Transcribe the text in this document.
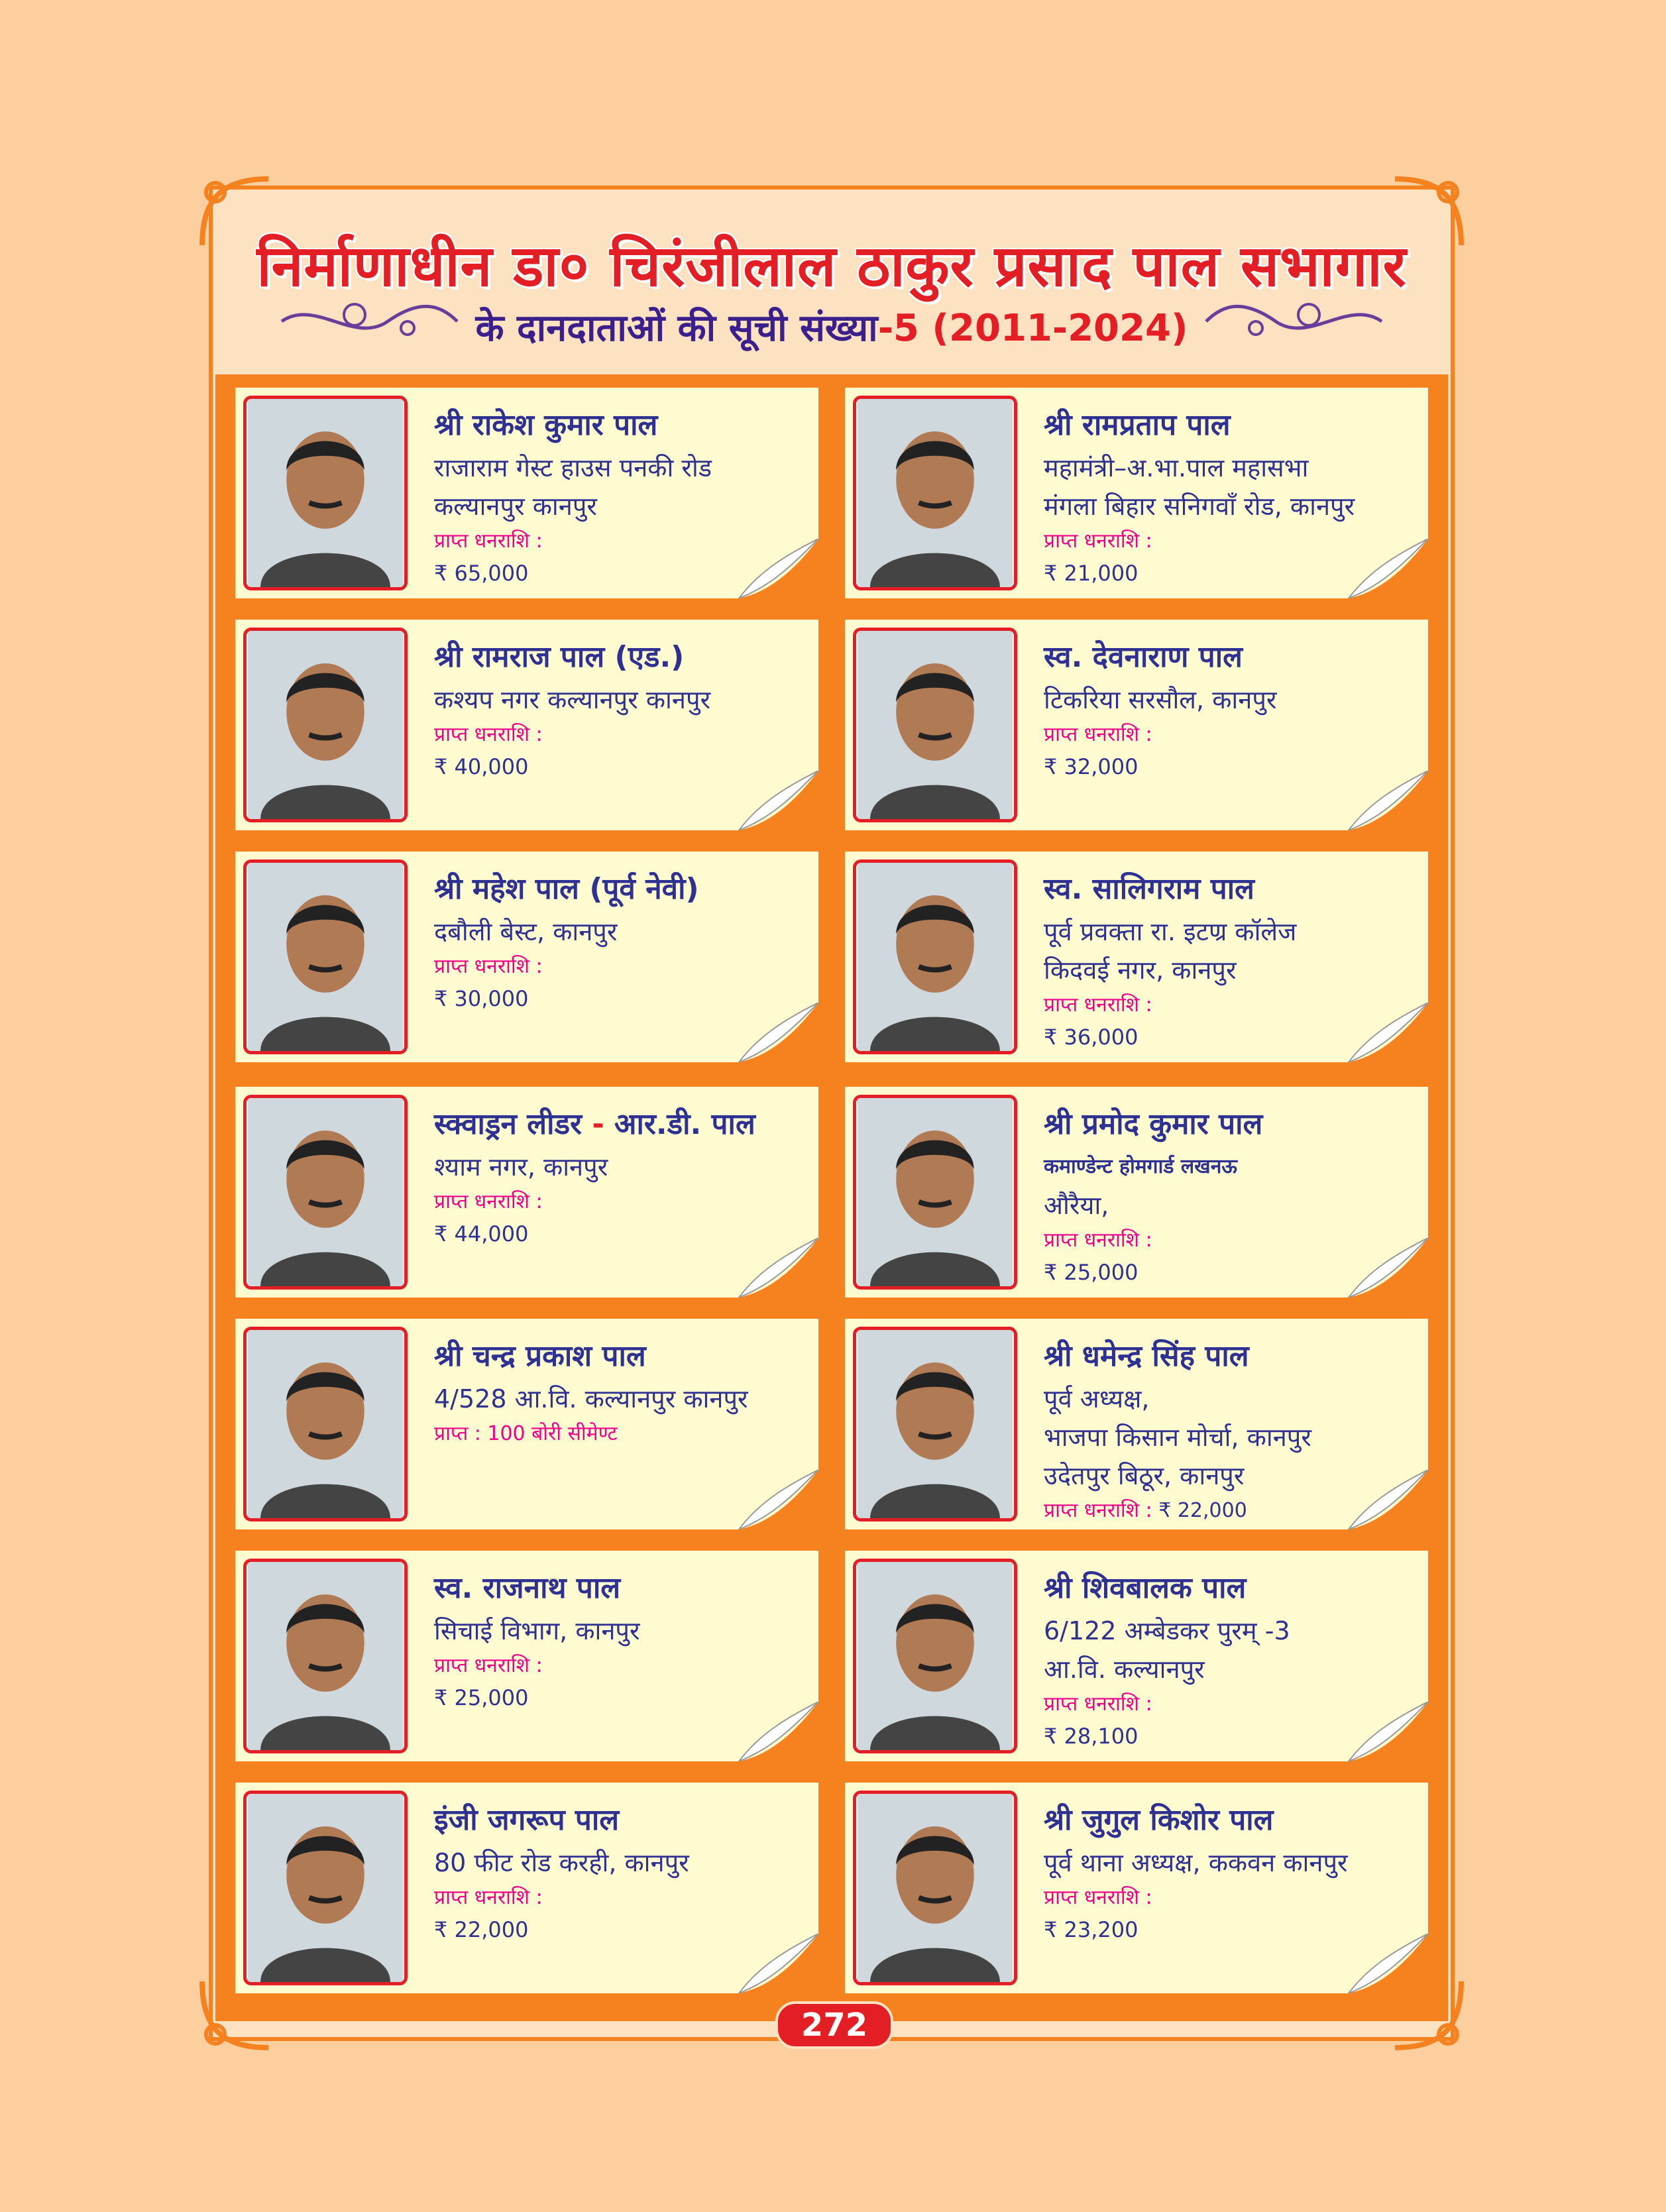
निर्माणाधीन डा० चिरंजीलाल ठाकुर प्रसाद पाल सभागार
के दानदाताओं की सूची संख्या-5 (2011-2024)
श्री राकेश कुमार पाल
राजाराम गेस्ट हाउस पनकी रोड
कल्यानपुर कानपुर
प्राप्त धनराशि :
₹ 65,000
श्री रामप्रताप पाल
महामंत्री–अ.भा.पाल महासभा
मंगला बिहार सनिगवाँ रोड, कानपुर
प्राप्त धनराशि :
₹ 21,000
श्री रामराज पाल (एड.)
कश्यप नगर कल्यानपुर कानपुर
प्राप्त धनराशि :
₹ 40,000
स्व. देवनाराण पाल
टिकरिया सरसौल, कानपुर
प्राप्त धनराशि :
₹ 32,000
श्री महेश पाल (पूर्व नेवी)
दबौली बेस्ट, कानपुर
प्राप्त धनराशि :
₹ 30,000
स्व. सालिगराम पाल
पूर्व प्रवक्ता रा. इटण्र कॉलेज
किदवई नगर, कानपुर
प्राप्त धनराशि :
₹ 36,000
स्क्वाड्रन लीडर - आर.डी. पाल
श्याम नगर, कानपुर
प्राप्त धनराशि :
₹ 44,000
श्री प्रमोद कुमार पाल
कमाण्डेन्ट होमगार्ड लखनऊ
औरैया,
प्राप्त धनराशि :
₹ 25,000
श्री चन्द्र प्रकाश पाल
4/528 आ.वि. कल्यानपुर कानपुर
प्राप्त : 100 बोरी सीमेण्ट
श्री धमेन्द्र सिंह पाल
पूर्व अध्यक्ष,
भाजपा किसान मोर्चा, कानपुर
उदेतपुर बिठूर, कानपुर
प्राप्त धनराशि : ₹ 22,000
स्व. राजनाथ पाल
सिचाई विभाग, कानपुर
प्राप्त धनराशि :
₹ 25,000
श्री शिवबालक पाल
6/122 अम्बेडकर पुरम् -3
आ.वि. कल्यानपुर
प्राप्त धनराशि :
₹ 28,100
इंजी जगरूप पाल
80 फीट रोड करही, कानपुर
प्राप्त धनराशि :
₹ 22,000
श्री जुगुल किशोर पाल
पूर्व थाना अध्यक्ष, ककवन कानपुर
प्राप्त धनराशि :
₹ 23,200
272
